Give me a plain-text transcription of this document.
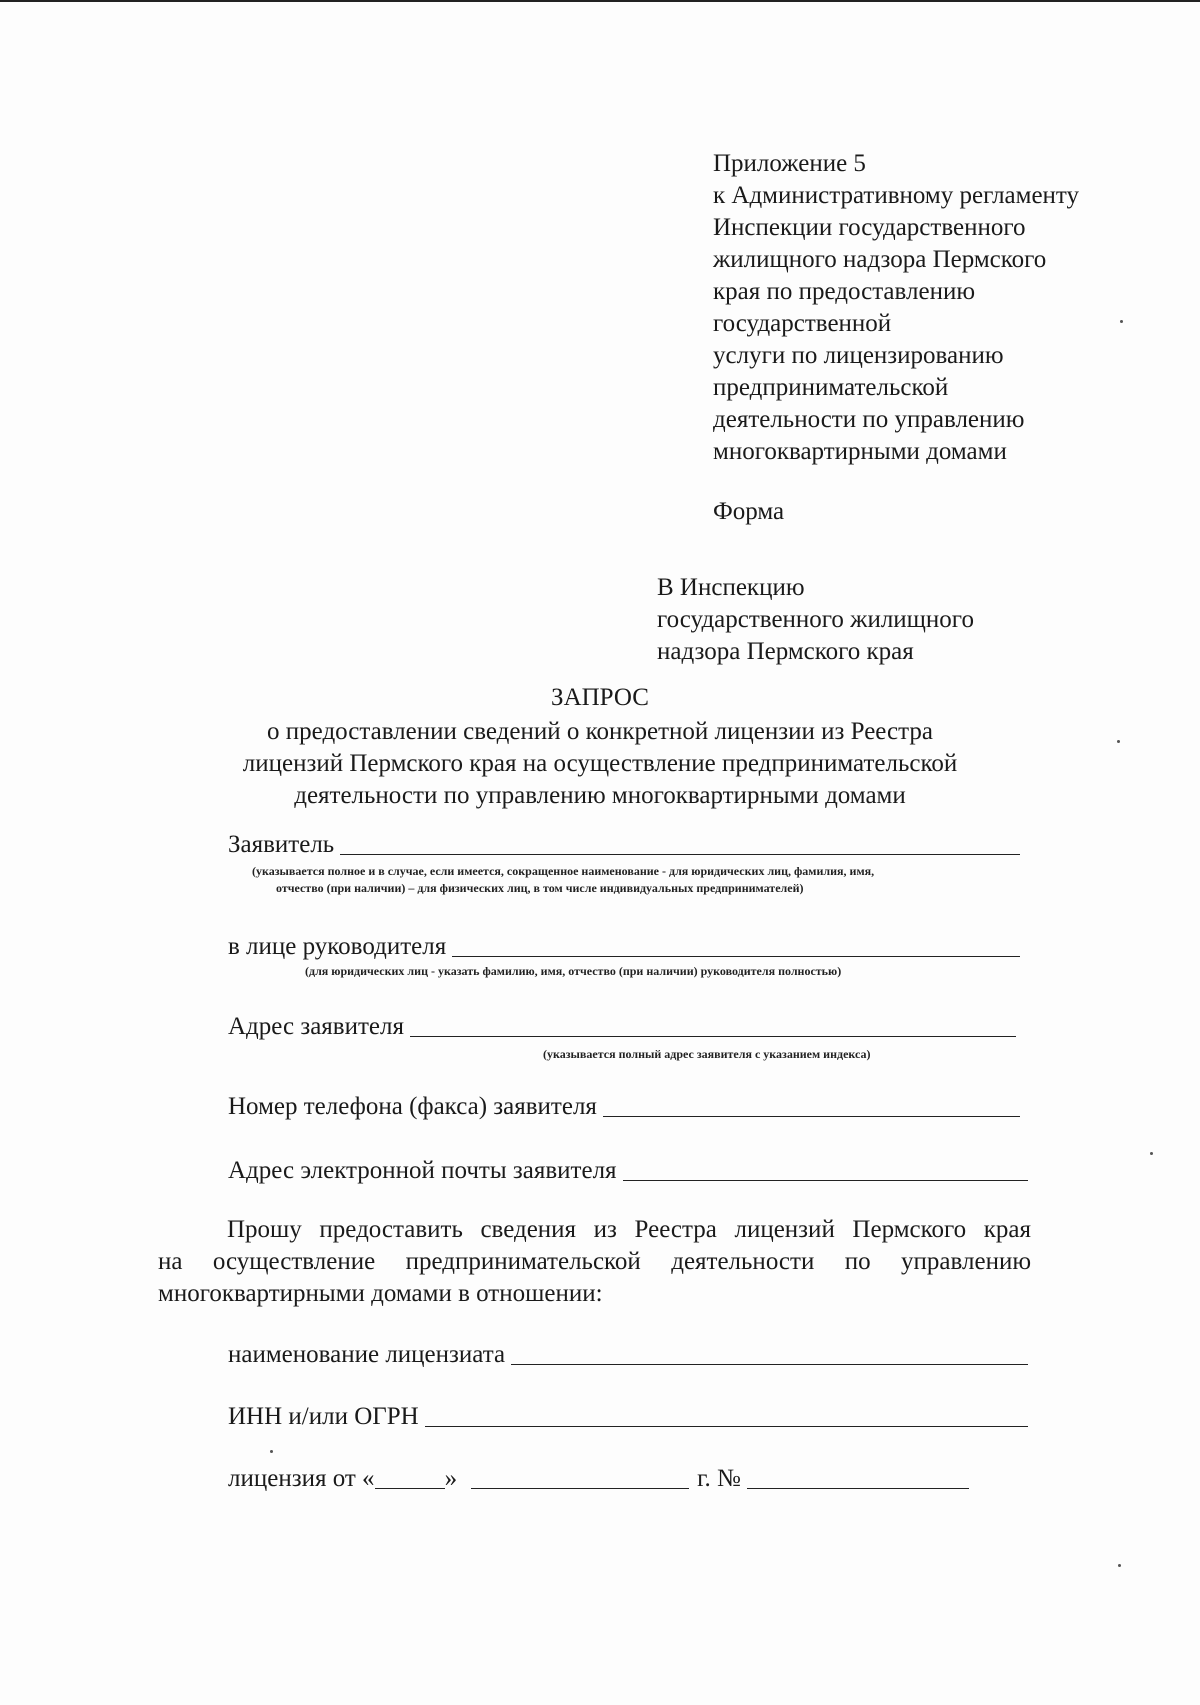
Приложение 5
к Административному регламенту
Инспекции государственного
жилищного надзора Пермского
края по предоставлению
государственной
услуги по лицензированию
предпринимательской
деятельности по управлению
многоквартирными домами
Форма
В Инспекцию
государственного жилищного
надзора Пермского края
ЗАПРОС
о предоставлении сведений о конкретной лицензии из Реестра
лицензий Пермского края на осуществление предпринимательской
деятельности по управлению многоквартирными домами
Заявитель
(указывается полное и в случае, если имеется, сокращенное наименование - для юридических лиц, фамилия, имя,
отчество (при наличии) – для физических лиц, в том числе индивидуальных предпринимателей)
в лице руководителя
(для юридических лиц - указать фамилию, имя, отчество (при наличии) руководителя полностью)
Адрес заявителя
(указывается полный адрес заявителя с указанием индекса)
Номер телефона (факса) заявителя
Адрес электронной почты заявителя
Прошу предоставить сведения из Реестра лицензий Пермского края
на осуществление предпринимательской деятельности по управлению
многоквартирными домами в отношении:
наименование лицензиата
ИНН и/или ОГРН
лицензия от «	»	г. №
